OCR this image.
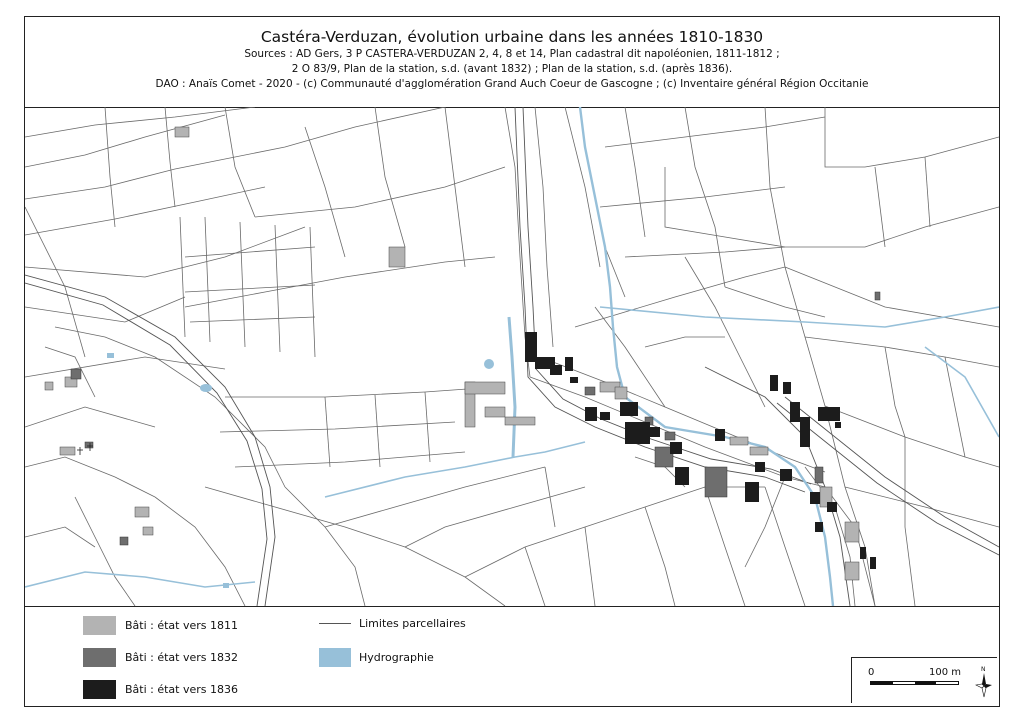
Castéra-Verduzan, évolution urbaine dans les années 1810-1830
Sources : AD Gers, 3 P CASTERA-VERDUZAN 2, 4, 8 et 14, Plan cadastral dit napoléonien, 1811-1812 ;
2 O 83/9, Plan de la station, s.d. (avant 1832) ; Plan de la station, s.d. (après 1836).
DAO : Anaïs Comet - 2020 - (c) Communauté d'agglomération Grand Auch Coeur de Gascogne ; (c) Inventaire général Région Occitanie
Bâti : état vers 1811
Bâti : état vers 1832
Bâti : état vers 1836
Limites parcellaires
Hydrographie
0	100 m	N
